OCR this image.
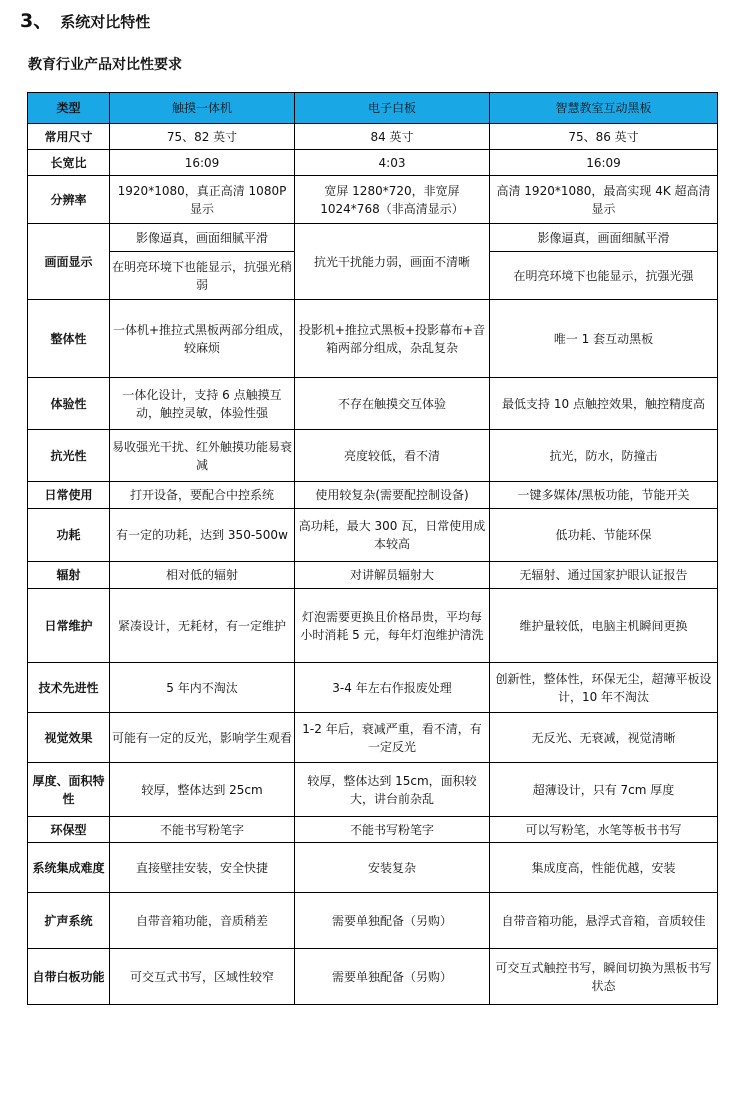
3、 系统对比特性
教育行业产品对比性要求
类型	触摸一体机	电子白板	智慧教室互动黑板
常用尺寸	75、82 英寸	84 英寸	75、86 英寸
长宽比	16:09	4:03	16:09
分辨率	1920*1080，真正高清 1080P 显示	宽屏 1280*720，非宽屏 1024*768（非高清显示）	高清 1920*1080，最高实现 4K 超高清显示
画面显示	影像逼真，画面细腻平滑	抗光干扰能力弱，画面不清晰	影像逼真，画面细腻平滑
	在明亮环境下也能显示，抗强光稍弱		在明亮环境下也能显示，抗强光强
整体性	一体机+推拉式黑板两部分组成，较麻烦	投影机+推拉式黑板+投影幕布+音箱两部分组成，杂乱复杂	唯一 1 套互动黑板
体验性	一体化设计，支持 6 点触摸互动，触控灵敏，体验性强	不存在触摸交互体验	最低支持 10 点触控效果，触控精度高
抗光性	易收强光干扰、红外触摸功能易衰减	亮度较低，看不清	抗光，防水，防撞击
日常使用	打开设备，要配合中控系统	使用较复杂(需要配控制设备)	一键多媒体/黑板功能，节能开关
功耗	有一定的功耗，达到 350-500w	高功耗，最大 300 瓦，日常使用成本较高	低功耗、节能环保
辐射	相对低的辐射	对讲解员辐射大	无辐射、通过国家护眼认证报告
日常维护	紧凑设计，无耗材，有一定维护	灯泡需要更换且价格昂贵，平均每小时消耗 5 元，每年灯泡维护清洗	维护量较低，电脑主机瞬间更换
技术先进性	5 年内不淘汰	3-4 年左右作报废处理	创新性，整体性，环保无尘，超薄平板设计，10 年不淘汰
视觉效果	可能有一定的反光，影响学生观看	1-2 年后，衰减严重，看不清，有一定反光	无反光、无衰减，视觉清晰
厚度、面积特性	较厚，整体达到 25cm	较厚，整体达到 15cm，面积较大，讲台前杂乱	超薄设计，只有 7cm 厚度
环保型	不能书写粉笔字	不能书写粉笔字	可以写粉笔，水笔等板书书写
系统集成难度	直接壁挂安装，安全快捷	安装复杂	集成度高，性能优越，安装
扩声系统	自带音箱功能，音质稍差	需要单独配备（另购）	自带音箱功能，悬浮式音箱，音质较佳
自带白板功能	可交互式书写，区域性较窄	需要单独配备（另购）	可交互式触控书写，瞬间切换为黑板书写状态
